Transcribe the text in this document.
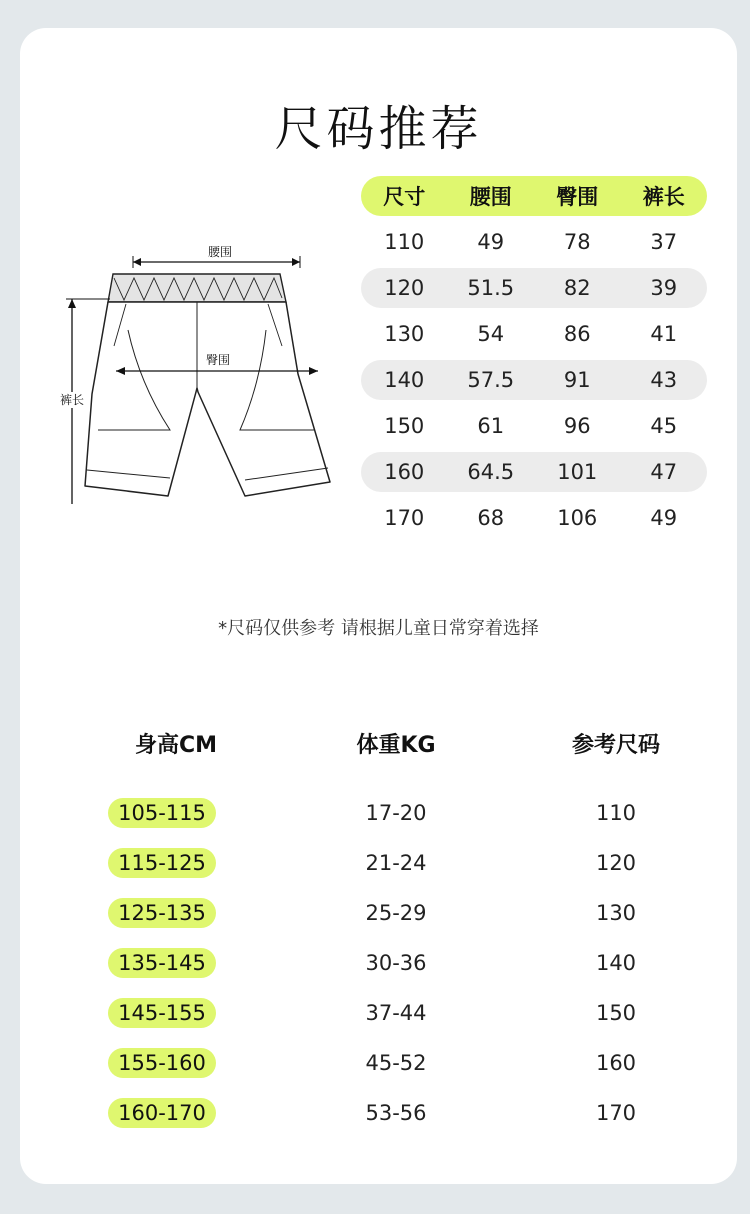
尺码推荐
腰围
臀围
裤长
尺寸	腰围	臀围	裤长
110	49	78	37
120	51.5	82	39
130	54	86	41
140	57.5	91	43
150	61	96	45
160	64.5	101	47
170	68	106	49
*尺码仅供参考 请根据儿童日常穿着选择
身高CM	体重KG	参考尺码
105-115	17-20	110
115-125	21-24	120
125-135	25-29	130
135-145	30-36	140
145-155	37-44	150
155-160	45-52	160
160-170	53-56	170
